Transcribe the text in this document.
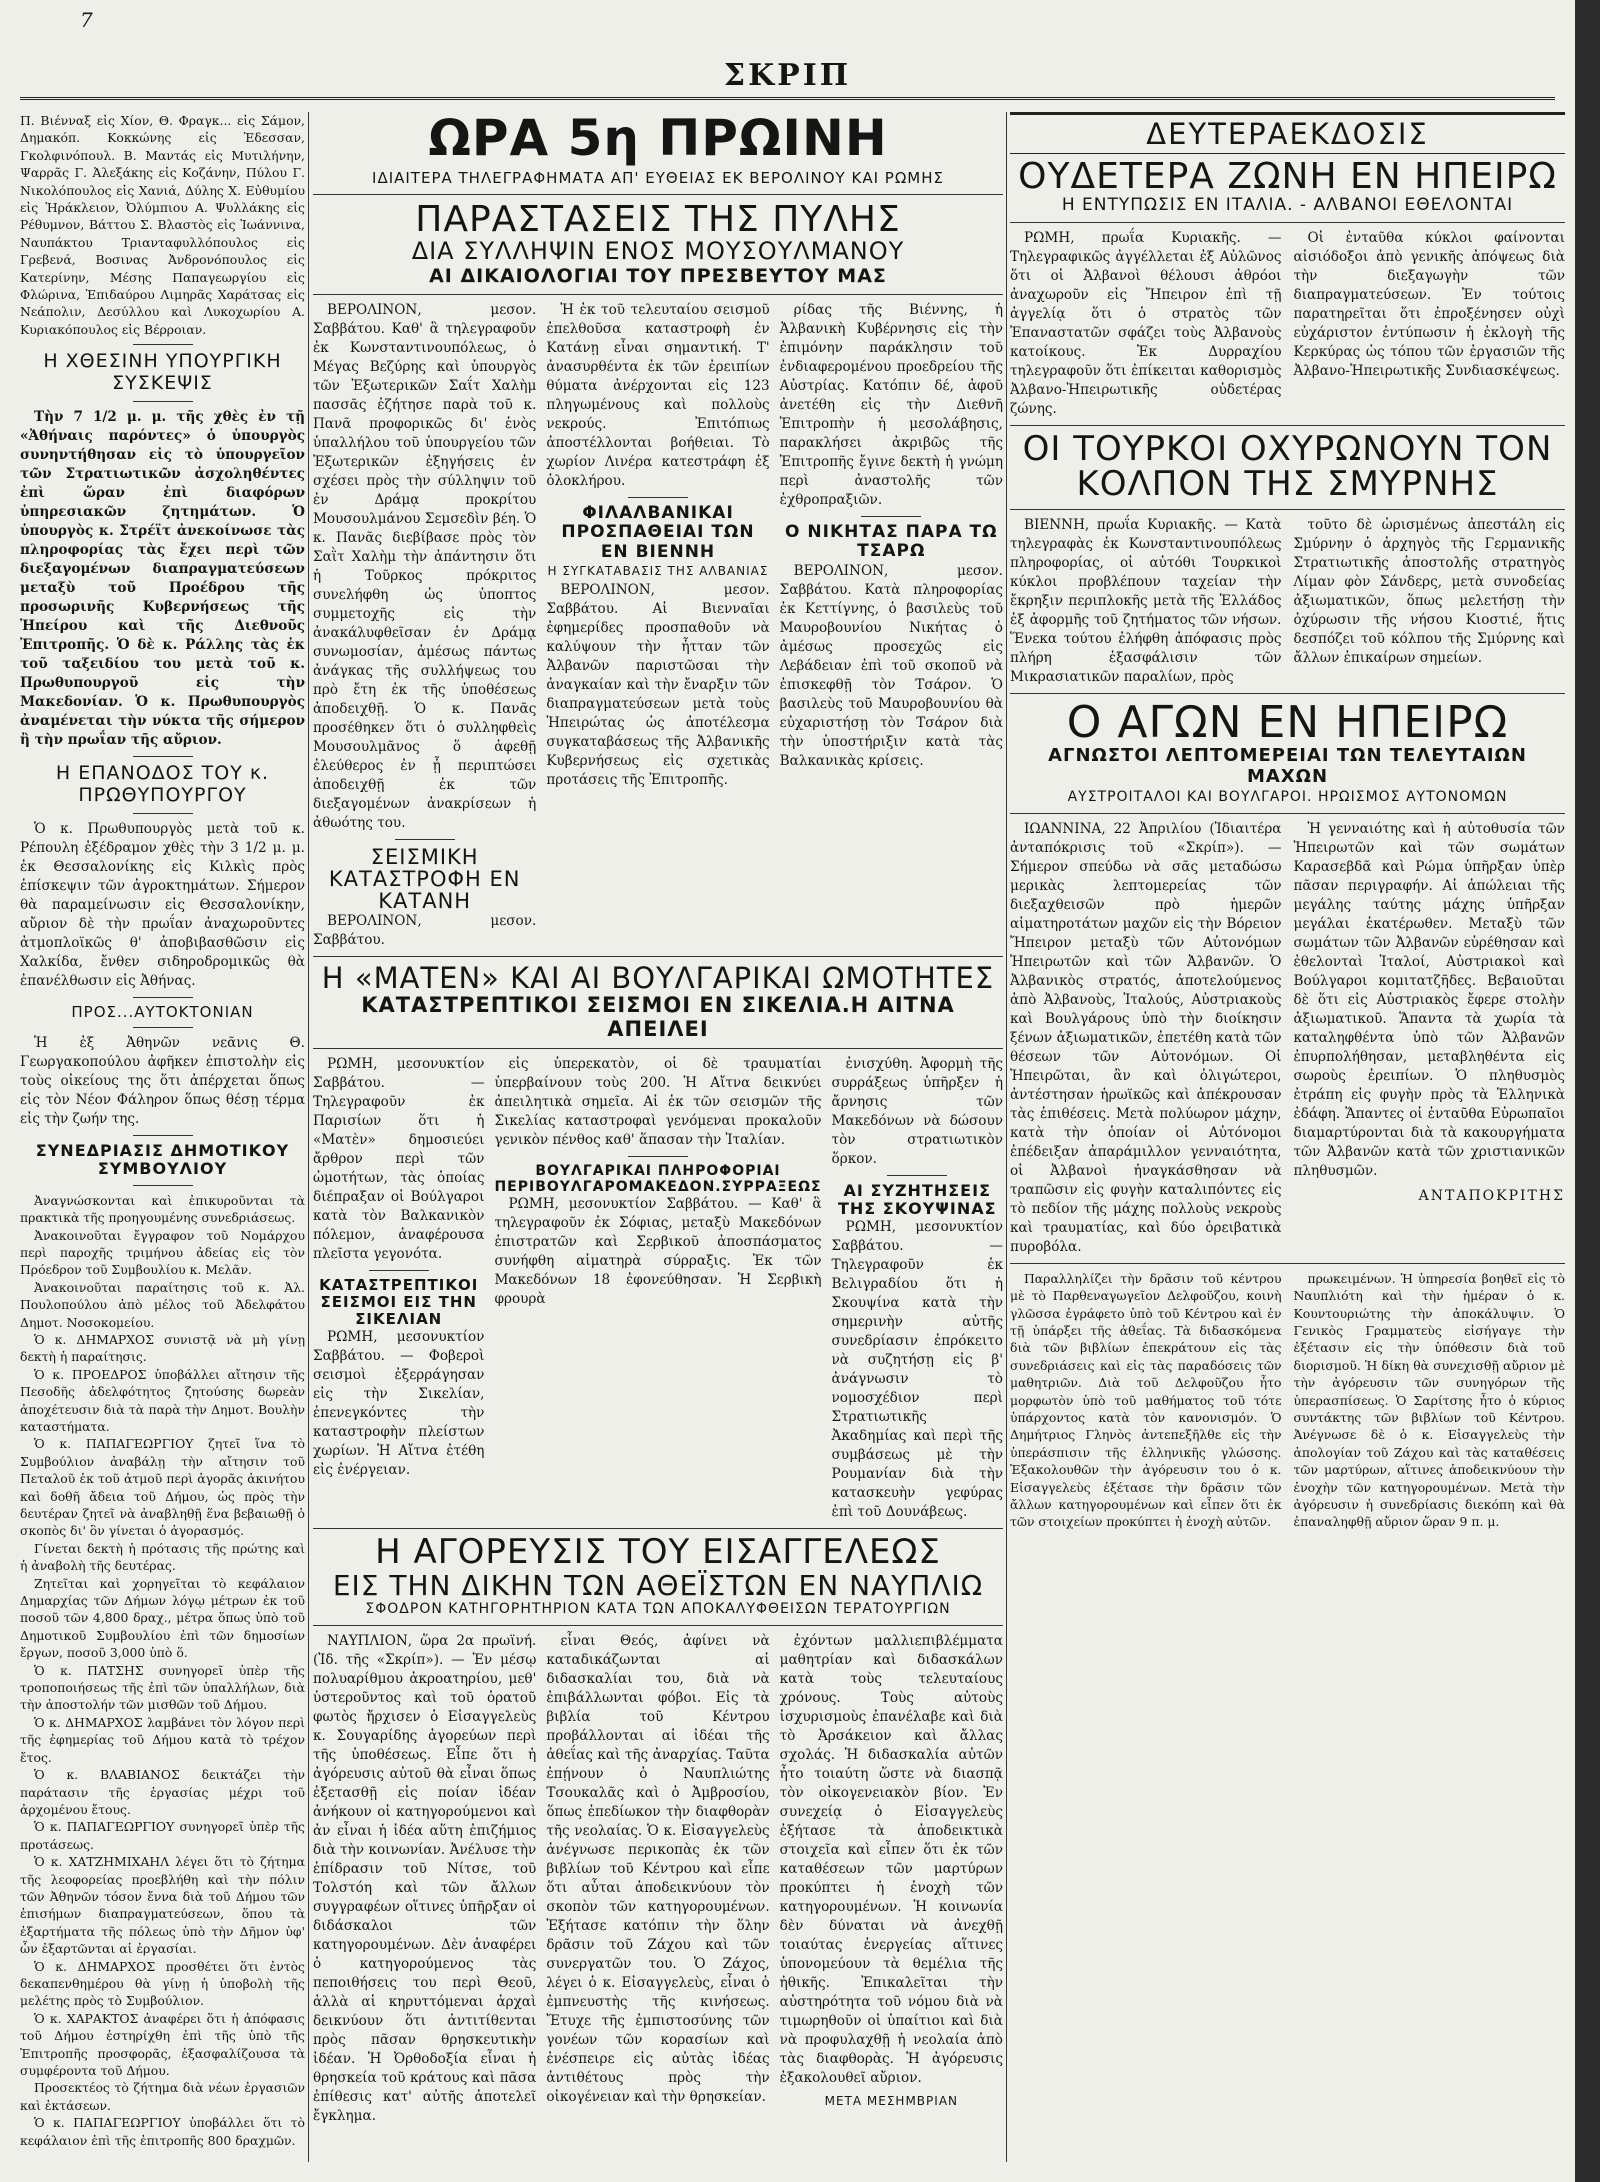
7
ΣΚΡΙΠ

Π. Βιένναξ εἰς Χίον, Θ. Φραγκ... εἰς Σάμον, Δημακόπ. Κοκκώνης εἰς Ἐδεσσαν, Γκολφινόπουλ. Β. Μαντάς εἰς Μυτιλήνην, Ψαρρᾶς Γ. Ἀλεξάκης εἰς Κοζάνην, Πύλου Γ. Νικολόπουλος εἰς Χανιά, Δύλης Χ. Εὐθυμίου εἰς Ἡράκλειον, Ὀλύμπιου Α. Ψυλλάκης εἰς Ρέθυμνον, Βάττου Σ. Βλαστὸς εἰς Ἰωάννινα, Ναυπάκτου Τριανταφυλλόπουλος εἰς Γρεβενά, Βοσινας Ἀνδρονόπουλος εἰς Κατερίνην, Μέσης Παπαγεωργίου εἰς Φλώρινα, Ἐπιδαύρου Λιμηρᾶς Χαράτσας εἰς Νεάπολιν, Δεσύλλου καὶ Λυκοχωρίου Α. Κυριακόπουλος εἰς Βέρροιαν.

Η ΧΘΕΣΙΝΗ ΥΠΟΥΡΓΙΚΗ ΣΥΣΚΕΨΙΣ

Τὴν 7 1/2 μ. μ. τῆς χθὲς ἐν τῇ «Ἀθήναις παρόντες» ὁ ὑπουργὸς συνηντήθησαν εἰς τὸ ὑπουργεῖον τῶν Στρατιωτικῶν ἀσχοληθέντες ἐπὶ ὥραν ἐπὶ διαφόρων ὑπηρεσιακῶν ζητημάτων. Ὁ ὑπουργὸς κ. Στρέϊτ ἀνεκοίνωσε τὰς πληροφορίας τὰς ἔχει περὶ τῶν διεξαγομένων διαπραγματεύσεων μεταξὺ τοῦ Προέδρου τῆς προσωρινῆς Κυβερνήσεως τῆς Ἠπείρου καὶ τῆς Διεθνοῦς Ἐπιτροπῆς. Ὁ δὲ κ. Ράλλης τὰς ἐκ τοῦ ταξειδίου του μετὰ τοῦ κ. Πρωθυπουργοῦ εἰς τὴν Μακεδονίαν. Ὁ κ. Πρωθυπουργὸς ἀναμένεται τὴν νύκτα τῆς σήμερον ἢ τὴν πρωΐαν τῆς αὔριον.

Η ΕΠΑΝΟΔΟΣ ΤΟΥ κ. ΠΡΩΘΥΠΟΥΡΓΟΥ

Ὁ κ. Πρωθυπουργὸς μετὰ τοῦ κ. Ρέπουλη ἐξέδραμον χθὲς τὴν 3 1/2 μ. μ. ἐκ Θεσσαλονίκης εἰς Κιλκὶς πρὸς ἐπίσκεψιν τῶν ἀγροκτημάτων. Σήμερον θὰ παραμείνωσιν εἰς Θεσσαλονίκην, αὔριον δὲ τὴν πρωΐαν ἀναχωροῦντες ἀτμοπλοϊκῶς θ' ἀποβιβασθῶσιν εἰς Χαλκίδα, ἔνθεν σιδηροδρομικῶς θὰ ἐπανέλθωσιν εἰς Ἀθήνας.

ΠΡΟΣ...ΑΥΤΟΚΤΟΝΙΑΝ

Ἡ ἐξ Ἀθηνῶν νεᾶνις Θ. Γεωργακοπούλου ἀφῆκεν ἐπιστολὴν εἰς τοὺς οἰκείους της ὅτι ἀπέρχεται ὅπως εἰς τὸν Νέον Φάληρον ὅπως θέσῃ τέρμα εἰς τὴν ζωήν της.

ΣΥΝΕΔΡΙΑΣΙΣ ΔΗΜΟΤΙΚΟΥ ΣΥΜΒΟΥΛΙΟΥ

Ἀναγνώσκονται καὶ ἐπικυροῦνται τὰ πρακτικὰ τῆς προηγουμένης συνεδριάσεως.

Ἀνακοινοῦται ἔγγραφον τοῦ Νομάρχου περὶ παροχῆς τριμήνου ἀδείας εἰς τὸν Πρόεδρον τοῦ Συμβουλίου κ. Μελᾶν.

Ἀνακοινοῦται παραίτησις τοῦ κ. Ἀλ. Πουλοπούλου ἀπὸ μέλος τοῦ Ἀδελφάτου Δημοτ. Νοσοκομείου.

Ὁ κ. ΔΗΜΑΡΧΟΣ συνιστᾷ νὰ μὴ γίνῃ δεκτὴ ἡ παραίτησις.

Ὁ κ. ΠΡΟΕΔΡΟΣ ὑποβάλλει αἴτησιν τῆς Πεσοδῆς ἀδελφότητος ζητούσης δωρεὰν ἀποχέτευσιν διὰ τὰ παρὰ τὴν Δημοτ. Βουλὴν καταστήματα.

Ὁ κ. ΠΑΠΑΓΕΩΡΓΙΟΥ ζητεῖ ἵνα τὸ Συμβούλιον ἀναβάλῃ τὴν αἴτησιν τοῦ Πεταλοῦ ἐκ τοῦ ἀτμοῦ περὶ ἀγορᾶς ἀκινήτου καὶ δοθῆ ἄδεια τοῦ Δήμου, ὡς πρὸς τὴν δευτέραν ζητεῖ νὰ ἀναβληθῇ ἕνα βεβαιωθῇ ὁ σκοπὸς δι' ὃν γίνεται ὁ ἀγορασμός.

Γίνεται δεκτὴ ἡ πρότασις τῆς πρώτης καὶ ἡ ἀναβολὴ τῆς δευτέρας.

Ζητεῖται καὶ χορηγεῖται τὸ κεφάλαιον Δημαρχίας τῶν Δήμων λόγῳ μέτρων ἐκ τοῦ ποσοῦ τῶν 4,800 δραχ., μέτρα ὅπως ὑπὸ τοῦ Δημοτικοῦ Συμβουλίου ἐπὶ τῶν δημοσίων ἔργων, ποσοῦ 3,000 ὑπὸ ὅ.

Ὁ κ. ΠΑΤΣΗΣ συνηγορεῖ ὑπὲρ τῆς τροποποιήσεως τῆς ἐπὶ τῶν ὑπαλλήλων, διὰ τὴν ἀποστολήν τῶν μισθῶν τοῦ Δήμου.

Ὁ κ. ΔΗΜΑΡΧΟΣ λαμβάνει τὸν λόγον περὶ τῆς ἐφημερίας τοῦ Δήμου κατὰ τὸ τρέχον ἔτος.

Ὁ κ. ΒΛΑΒΙΑΝΟΣ δεικτάζει τὴν παράτασιν τῆς ἐργασίας μέχρι τοῦ ἀρχομένου ἔτους.

Ὁ κ. ΠΑΠΑΓΕΩΡΓΙΟΥ συνηγορεῖ ὑπὲρ τῆς προτάσεως.

Ὁ κ. ΧΑΤΖΗΜΙΧΑΗΛ λέγει ὅτι τὸ ζήτημα τῆς λεοφορείας προεβλήθη καὶ τὴν πόλιν τῶν Ἀθηνῶν τόσον ἔννα διὰ τοῦ Δήμου τῶν ἐπισήμων διαπραγματεύσεων, ὅπου τὰ ἐξαρτήματα τῆς πόλεως ὑπὸ τὴν Δῆμον ὑφ' ὧν ἐξαρτῶνται αἱ ἐργασίαι.

Ὁ κ. ΔΗΜΑΡΧΟΣ προσθέτει ὅτι ἐντὸς δεκαπενθημέρου θὰ γίνῃ ἡ ὑποβολὴ τῆς μελέτης πρὸς τὸ Συμβούλιον.

Ὁ κ. ΧΑΡΑΚΤΟΣ ἀναφέρει ὅτι ἡ ἀπόφασις τοῦ Δήμου ἐστηρίχθη ἐπὶ τῆς ὑπὸ τῆς Ἐπιτροπῆς προσφορᾶς, ἐξασφαλίζουσα τὰ συμφέροντα τοῦ Δήμου.

Προσεκτέος τὸ ζήτημα διὰ νέων ἐργασιῶν καὶ ἐκτάσεων.

Ὁ κ. ΠΑΠΑΓΕΩΡΓΙΟΥ ὑποβάλλει ὅτι τὸ κεφάλαιον ἐπὶ τῆς ἐπιτροπῆς 800 δραχμῶν.

ΩΡΑ 5η ΠΡΩΙΝΗ
ΙΔΙΑΙΤΕΡΑ ΤΗΛΕΓΡΑΦΗΜΑΤΑ ΑΠ' ΕΥΘΕΙΑΣ ΕΚ ΒΕΡΟΛΙΝΟΥ ΚΑΙ ΡΩΜΗΣ
ΠΑΡΑΣΤΑΣΕΙΣ ΤΗΣ ΠΥΛΗΣ
ΔΙΑ ΣΥΛΛΗΨΙΝ ΕΝΟΣ ΜΟΥΣΟΥΛΜΑΝΟΥ
ΑΙ ΔΙΚΑΙΟΛΟΓΙΑΙ ΤΟΥ ΠΡΕΣΒΕΥΤΟΥ ΜΑΣ

ΒΕΡΟΛΙΝΟΝ, μεσον. Σαββάτου. Καθ' ἃ τηλεγραφοῦν ἐκ Κωνσταντινουπόλεως, ὁ Μέγας Βεζύρης καὶ ὑπουργὸς τῶν Ἐξωτερικῶν Σαΐτ Χαλὴμ πασσᾶς ἐζήτησε παρὰ τοῦ κ. Πανᾶ προφορικῶς δι' ἑνὸς ὑπαλλήλου τοῦ ὑπουργείου τῶν Ἐξωτερικῶν ἐξηγήσεις ἐν σχέσει πρὸς τὴν σύλληψιν τοῦ ἐν Δράμᾳ προκρίτου Μουσουλμάνου Σεμσεδὶν βέη. Ὁ κ. Πανᾶς διεβίβασε πρὸς τὸν Σαῒτ Χαλὴμ τὴν ἀπάντησιν ὅτι ἡ Τοῦρκος πρόκριτος συνελήφθη ὡς ὑποπτος συμμετοχῆς εἰς τὴν ἀνακάλυφθεῖσαν ἐν Δράμᾳ συνωμοσίαν, ἀμέσως πάντως ἀνάγκας τῆς συλλήψεως του πρὸ ἔτη ἐκ τῆς ὑποθέσεως ἀποδειχθῇ. Ὁ κ. Πανᾶς προσέθηκεν ὅτι ὁ συλληφθεὶς Μουσουλμᾶνος ὅ ἀφεθῇ ἐλεύθερος ἐν ᾗ περιπτώσει ἀποδειχθῇ ἐκ τῶν διεξαγομένων ἀνακρίσεων ἡ ἀθωότης του.

ΣΕΙΣΜΙΚΗ ΚΑΤΑΣΤΡΟΦΗ ΕΝ ΚΑΤΑΝΗ

ΒΕΡΟΛΙΝΟΝ, μεσον. Σαββάτου.

Ἡ ἐκ τοῦ τελευταίου σεισμοῦ ἐπελθοῦσα καταστροφὴ ἐν Κατάνῃ εἶναι σημαντική. Τ' ἀνασυρθέντα ἐκ τῶν ἐρειπίων θύματα ἀνέρχονται εἰς 123 πληγωμένους καὶ πολλοὺς νεκρούς. Ἐπιτόπιως ἀποστέλλονται βοήθειαι. Τὸ χωρίον Λινέρα κατεστράφη ἐξ ὁλοκλήρου.

ΦΙΛΑΛΒΑΝΙΚΑΙ ΠΡΟΣΠΑΘΕΙΑΙ ΤΩΝ ΕΝ ΒΙΕΝΝΗ
Η ΣΥΓΚΑΤΑΒΑΣΙΣ ΤΗΣ ΑΛΒΑΝΙΑΣ

ΒΕΡΟΛΙΝΟΝ, μεσον. Σαββάτου. Αἱ Βιενναῖαι ἐφημερίδες προσπαθοῦν νὰ καλύψουν τὴν ἧτταν τῶν Ἀλβανῶν παριστῶσαι τὴν ἀναγκαίαν καὶ τὴν ἔναρξιν τῶν διαπραγματεύσεων μετὰ τοὺς Ἠπειρώτας ὡς ἀποτέλεσμα συγκαταβάσεως τῆς Ἀλβανικῆς Κυβερνήσεως εἰς σχετικὰς προτάσεις τῆς Ἐπιτροπῆς.

ρίδας τῆς Βιέννης, ἡ Ἀλβανικὴ Κυβέρνησις εἰς τὴν ἐπιμόνην παράκλησιν τοῦ ἐνδιαφερομένου προεδρείου τῆς Αὐστρίας. Κατόπιν δέ, ἀφοῦ ἀνετέθη εἰς τὴν Διεθνῆ Ἐπιτροπὴν ἡ μεσολάβησις, παρακλήσει ἀκριβῶς τῆς Ἐπιτροπῆς ἔγινε δεκτὴ ἡ γνώμη περὶ ἀναστολῆς τῶν ἐχθροπραξιῶν.

Ο ΝΙΚΗΤΑΣ ΠΑΡΑ ΤΩ ΤΣΑΡΩ

ΒΕΡΟΛΙΝΟΝ, μεσον. Σαββάτου. Κατὰ πληροφορίας ἐκ Κεττίγνης, ὁ βασιλεὺς τοῦ Μαυροβουνίου Νικήτας ὁ ἀμέσως προσεχῶς εἰς Λεβάδειαν ἐπὶ τοῦ σκοποῦ νὰ ἐπισκεφθῇ τὸν Τσάρον. Ὁ βασιλεὺς τοῦ Μαυροβουνίου θὰ εὐχαριστήσῃ τὸν Τσάρον διὰ τὴν ὑποστήριξιν κατὰ τὰς Βαλκανικὰς κρίσεις.

Η «ΜΑΤΕΝ» ΚΑΙ ΑΙ ΒΟΥΛΓΑΡΙΚΑΙ ΩΜΟΤΗΤΕΣ
ΚΑΤΑΣΤΡΕΠΤΙΚΟΙ ΣΕΙΣΜΟΙ ΕΝ ΣΙΚΕΛΙΑ.Η ΑΙΤΝΑ ΑΠΕΙΛΕΙ

ΡΩΜΗ, μεσονυκτίον Σαββάτου. — Τηλεγραφοῦν ἐκ Παρισίων ὅτι ἡ «Ματὲν» δημοσιεύει ἄρθρον περὶ τῶν ὠμοτήτων, τὰς ὁποίας διέπραξαν οἱ Βούλγαροι κατὰ τὸν Βαλκανικὸν πόλεμον, ἀναφέρουσα πλεῖστα γεγονότα.

ΚΑΤΑΣΤΡΕΠΤΙΚΟΙ ΣΕΙΣΜΟΙ ΕΙΣ ΤΗΝ ΣΙΚΕΛΙΑΝ

ΡΩΜΗ, μεσονυκτίον Σαββάτου. — Φοβεροὶ σεισμοὶ ἐξερράγησαν εἰς τὴν Σικελίαν, ἐπενεγκόντες τὴν καταστροφὴν πλείστων χωρίων. Ἡ Αἴτνα ἐτέθη εἰς ἐνέργειαν.

εἰς ὑπερεκατὸν, οἱ δὲ τραυματίαι ὑπερβαίνουν τοὺς 200. Ἡ Αἴτνα δεικνύει ἀπειλητικὰ σημεῖα. Αἱ ἐκ τῶν σεισμῶν τῆς Σικελίας καταστροφαὶ γενόμεναι προκαλοῦν γενικὸν πένθος καθ' ἅπασαν τὴν Ἰταλίαν.

ΒΟΥΛΓΑΡΙΚΑΙ ΠΛΗΡΟΦΟΡΙΑΙ ΠΕΡΙΒΟΥΛΓΑΡΟΜΑΚΕΔΟΝ.ΣΥΡΡΑΞΕΩΣ

ΡΩΜΗ, μεσονυκτίον Σαββάτου. — Καθ' ἃ τηλεγραφοῦν ἐκ Σόφιας, μεταξὺ Μακεδόνων ἐπιστρατῶν καὶ Σερβικοῦ ἀποσπάσματος συνήφθη αἱματηρὰ σύρραξις. Ἐκ τῶν Μακεδόνων 18 ἐφονεύθησαν. Ἡ Σερβικὴ φρουρὰ

ἐνισχύθη. Ἀφορμὴ τῆς συρράξεως ὑπῆρξεν ἡ ἄρνησις τῶν Μακεδόνων νὰ δώσουν τὸν στρατιωτικὸν ὅρκον.

ΑΙ ΣΥΖΗΤΗΣΕΙΣ ΤΗΣ ΣΚΟΥΨΙΝΑΣ

ΡΩΜΗ, μεσονυκτίον Σαββάτου. — Τηλεγραφοῦν ἐκ Βελιγραδίου ὅτι ἡ Σκουψίνα κατὰ τὴν σημερινὴν αὐτῆς συνεδρίασιν ἐπρόκειτο νὰ συζητήσῃ εἰς β' ἀνάγνωσιν τὸ νομοσχέδιον περὶ Στρατιωτικῆς Ἀκαδημίας καὶ περὶ τῆς συμβάσεως μὲ τὴν Ρουμανίαν διὰ τὴν κατασκευὴν γεφύρας ἐπὶ τοῦ Δουνάβεως.

Η ΑΓΟΡΕΥΣΙΣ ΤΟΥ ΕΙΣΑΓΓΕΛΕΩΣ
ΕΙΣ ΤΗΝ ΔΙΚΗΝ ΤΩΝ ΑΘΕΪΣΤΩΝ ΕΝ ΝΑΥΠΛΙΩ
ΣΦΟΔΡΟΝ ΚΑΤΗΓΟΡΗΤΗΡΙΟΝ ΚΑΤΑ ΤΩΝ ΑΠΟΚΑΛΥΦΘΕΙΣΩΝ ΤΕΡΑΤΟΥΡΓΙΩΝ

ΝΑΥΠΛΙΟΝ, ὥρα 2α πρωϊνή. (Ἰδ. τῆς «Σκρίπ»). — Ἐν μέσῳ πολυαρίθμου ἀκροατηρίου, μεθ' ὑστεροῦντος καὶ τοῦ ὁρατοῦ φωτὸς ἤρχισεν ὁ Εἰσαγγελεὺς κ. Σουγαρίδης ἀγορεύων περὶ τῆς ὑποθέσεως. Εἶπε ὅτι ἡ ἀγόρευσις αὐτοῦ θὰ εἶναι ὅπως ἐξετασθῇ εἰς ποίαν ἰδέαν ἀνήκουν οἱ κατηγορούμενοι καὶ ἀν εἶναι ἡ ἰδέα αὕτη ἐπιζήμιος διὰ τὴν κοινωνίαν. Ἀνέλυσε τὴν ἐπίδρασιν τοῦ Νίτσε, τοῦ Τολστόη καὶ τῶν ἄλλων συγγραφέων οἵτινες ὑπῆρξαν οἱ διδάσκαλοι τῶν κατηγορουμένων. Δὲν ἀναφέρει ὁ κατηγορούμενος τὰς πεποιθήσεις του περὶ Θεοῦ, ἀλλὰ αἱ κηρυττόμεναι ἀρχαὶ δεικνύουν ὅτι ἀντιτίθενται πρὸς πᾶσαν θρησκευτικὴν ἰδέαν. Ἡ Ὀρθοδοξία εἶναι ἡ θρησκεία τοῦ κράτους καὶ πᾶσα ἐπίθεσις κατ' αὐτῆς ἀποτελεῖ ἔγκλημα.

εἶναι Θεός, ἀφίνει νὰ καταδικάζωνται αἱ διδασκαλίαι του, διὰ νὰ ἐπιβάλλωνται φόβοι. Εἰς τὰ βιβλία τοῦ Κέντρου προβάλλονται αἱ ἰδέαι τῆς ἀθεΐας καὶ τῆς ἀναρχίας. Ταῦτα ἐπῄνουν ὁ Ναυπλιώτης Τσουκαλᾶς καὶ ὁ Ἀμβροσίου, ὅπως ἐπεδίωκον τὴν διαφθορὰν τῆς νεολαίας. Ὁ κ. Εἰσαγγελεὺς ἀνέγνωσε περικοπὰς ἐκ τῶν βιβλίων τοῦ Κέντρου καὶ εἶπε ὅτι αὗται ἀποδεικνύουν τὸν σκοπὸν τῶν κατηγορουμένων. Ἐξήτασε κατόπιν τὴν ὅλην δρᾶσιν τοῦ Ζάχου καὶ τῶν συνεργατῶν του. Ὁ Ζάχος, λέγει ὁ κ. Εἰσαγγελεὺς, εἶναι ὁ ἐμπνευστὴς τῆς κινήσεως. Ἔτυχε τῆς ἐμπιστοσύνης τῶν γονέων τῶν κορασίων καὶ ἐνέσπειρε εἰς αὐτὰς ἰδέας ἀντιθέτους πρὸς τὴν οἰκογένειαν καὶ τὴν θρησκείαν.

ἐχόντων μαλλιεπιβλέμματα μαθητρίαν καὶ διδασκάλων κατὰ τοὺς τελευταίους χρόνους. Τοὺς αὐτοὺς ἰσχυρισμοὺς ἐπανέλαβε καὶ διὰ τὸ Ἀρσάκειον καὶ ἄλλας σχολάς. Ἡ διδασκαλία αὐτῶν ἦτο τοιαύτη ὥστε νὰ διασπᾷ τὸν οἰκογενειακὸν βίον. Ἐν συνεχείᾳ ὁ Εἰσαγγελεὺς ἐξήτασε τὰ ἀποδεικτικὰ στοιχεῖα καὶ εἶπεν ὅτι ἐκ τῶν καταθέσεων τῶν μαρτύρων προκύπτει ἡ ἐνοχὴ τῶν κατηγορουμένων. Ἡ κοινωνία δὲν δύναται νὰ ἀνεχθῇ τοιαύτας ἐνεργείας αἵτινες ὑπονομεύουν τὰ θεμέλια τῆς ἠθικῆς. Ἐπικαλεῖται τὴν αὐστηρότητα τοῦ νόμου διὰ νὰ τιμωρηθοῦν οἱ ὑπαίτιοι καὶ διὰ νὰ προφυλαχθῇ ἡ νεολαία ἀπὸ τὰς διαφθορὰς. Ἡ ἀγόρευσις ἐξακολουθεῖ αὔριον.

ΜΕΤΑ ΜΕΣΗΜΒΡΙΑΝ
ΔΕΥΤΕΡΑΕΚΔΟΣΙΣ
ΟΥΔΕΤΕΡΑ ΖΩΝΗ ΕΝ ΗΠΕΙΡΩ
Η ΕΝΤΥΠΩΣΙΣ ΕΝ ΙΤΑΛΙΑ. - ΑΛΒΑΝΟΙ ΕΘΕΛΟΝΤΑΙ

ΡΩΜΗ, πρωΐα Κυριακῆς. — Τηλεγραφικῶς ἀγγέλλεται ἐξ Αὐλῶνος ὅτι οἱ Ἀλβανοὶ θέλουσι ἀθρόοι ἀναχωροῦν εἰς Ἤπειρον ἐπὶ τῇ ἀγγελίᾳ ὅτι ὁ στρατὸς τῶν Ἐπαναστατῶν σφάζει τοὺς Ἀλβανοὺς κατοίκους. Ἐκ Δυρραχίου τηλεγραφοῦν ὅτι ἐπίκειται καθορισμὸς Ἀλβανο-Ἠπειρωτικῆς οὐδετέρας ζώνης.

Οἱ ἐνταῦθα κύκλοι φαίνονται αἰσιόδοξοι ἀπὸ γενικῆς ἀπόψεως διὰ τὴν διεξαγωγὴν τῶν διαπραγματεύσεων. Ἐν τούτοις παρατηρεῖται ὅτι ἐπροξένησεν οὐχὶ εὐχάριστον ἐντύπωσιν ἡ ἐκλογὴ τῆς Κερκύρας ὡς τόπου τῶν ἐργασιῶν τῆς Ἀλβανο-Ἠπειρωτικῆς Συνδιασκέψεως.

ΟΙ ΤΟΥΡΚΟΙ ΟΧΥΡΩΝΟΥΝ ΤΟΝ ΚΟΛΠΟΝ ΤΗΣ ΣΜΥΡΝΗΣ

ΒΙΕΝΝΗ, πρωΐα Κυριακῆς. — Κατὰ τηλεγραφὰς ἐκ Κωνσταντινουπόλεως πληροφορίας, οἱ αὐτόθι Τουρκικοὶ κύκλοι προβλέπουν ταχείαν τὴν ἔκρηξιν περιπλοκῆς μετὰ τῆς Ἑλλάδος ἐξ ἀφορμῆς τοῦ ζητήματος τῶν νήσων. Ἕνεκα τούτου ἐλήφθη ἀπόφασις πρὸς πλήρη ἐξασφάλισιν τῶν Μικρασιατικῶν παραλίων, πρὸς

τοῦτο δὲ ὡρισμένως ἀπεστάλη εἰς Σμύρνην ὁ ἀρχηγὸς τῆς Γερμανικῆς Στρατιωτικῆς ἀποστολῆς στρατηγὸς Λίμαν φὸν Σάνδερς, μετὰ συνοδείας ἀξιωματικῶν, ὅπως μελετήσῃ τὴν ὀχύρωσιν τῆς νήσου Κιοστιέ, ἥτις δεσπόζει τοῦ κόλπου τῆς Σμύρνης καὶ ἄλλων ἐπικαίρων σημείων.

Ο ΑΓΩΝ ΕΝ ΗΠΕΙΡΩ
ΑΓΝΩΣΤΟΙ ΛΕΠΤΟΜΕΡΕΙΑΙ ΤΩΝ ΤΕΛΕΥΤΑΙΩΝ ΜΑΧΩΝ
ΑΥΣΤΡΟΙΤΑΛΟΙ ΚΑΙ ΒΟΥΛΓΑΡΟΙ. ΗΡΩΙΣΜΟΣ ΑΥΤΟΝΟΜΩΝ

ΙΩΑΝΝΙΝΑ, 22 Ἀπριλίου (Ἰδιαιτέρα ἀνταπόκρισις τοῦ «Σκρίπ»). — Σήμερον σπεύδω νὰ σᾶς μεταδώσω μερικὰς λεπτομερείας τῶν διεξαχθεισῶν πρὸ ἡμερῶν αἱματηροτάτων μαχῶν εἰς τὴν Βόρειον Ἤπειρον μεταξὺ τῶν Αὐτονόμων Ἠπειρωτῶν καὶ τῶν Ἀλβανῶν. Ὁ Ἀλβανικὸς στρατός, ἀποτελούμενος ἀπὸ Ἀλβανοὺς, Ἰταλούς, Αὐστριακοὺς καὶ Βουλγάρους ὑπὸ τὴν διοίκησιν ξένων ἀξιωματικῶν, ἐπετέθη κατὰ τῶν θέσεων τῶν Αὐτονόμων. Οἱ Ἠπειρῶται, ἂν καὶ ὀλιγώτεροι, ἀντέστησαν ἡρωϊκῶς καὶ ἀπέκρουσαν τὰς ἐπιθέσεις. Μετὰ πολύωρον μάχην, κατὰ τὴν ὁποίαν οἱ Αὐτόνομοι ἐπέδειξαν ἀπαράμιλλον γενναιότητα, οἱ Ἀλβανοὶ ἠναγκάσθησαν νὰ τραπῶσιν εἰς φυγὴν καταλιπόντες εἰς τὸ πεδίον τῆς μάχης πολλοὺς νεκροὺς καὶ τραυματίας, καὶ δύο ὀρειβατικὰ πυροβόλα.

Ἡ γενναιότης καὶ ἡ αὐτοθυσία τῶν Ἠπειρωτῶν καὶ τῶν σωμάτων Καρασεβδᾶ καὶ Ρώμα ὑπῆρξαν ὑπὲρ πᾶσαν περιγραφήν. Αἱ ἀπώλειαι τῆς μεγάλης ταύτης μάχης ὑπῆρξαν μεγάλαι ἑκατέρωθεν. Μεταξὺ τῶν σωμάτων τῶν Ἀλβανῶν εὑρέθησαν καὶ ἐθελονταὶ Ἰταλοί, Αὐστριακοὶ καὶ Βούλγαροι κομιτατζῆδες. Βεβαιοῦται δὲ ὅτι εἰς Αὐστριακὸς ἔφερε στολὴν ἀξιωματικοῦ. Ἅπαντα τὰ χωρία τὰ καταληφθέντα ὑπὸ τῶν Ἀλβανῶν ἐπυρπολήθησαν, μεταβληθέντα εἰς σωροὺς ἐρειπίων. Ὁ πληθυσμὸς ἐτράπη εἰς φυγὴν πρὸς τὰ Ἑλληνικὰ ἐδάφη. Ἅπαντες οἱ ἐνταῦθα Εὐρωπαῖοι διαμαρτύρονται διὰ τὰ κακουργήματα τῶν Ἀλβανῶν κατὰ τῶν χριστιανικῶν πληθυσμῶν.

ΑΝΤΑΠΟΚΡΙΤΗΣ

Παραλληλίζει τὴν δρᾶσιν τοῦ κέντρου μὲ τὸ Παρθεναγωγεῖον Δελφοῦζου, κοινὴ γλῶσσα ἐγράφετο ὑπὸ τοῦ Κέντρου καὶ ἐν τῇ ὑπάρξει τῆς ἀθεΐας. Τὰ διδασκόμενα διὰ τῶν βιβλίων ἐπεκράτουν εἰς τὰς συνεδριάσεις καὶ εἰς τὰς παραδόσεις τῶν μαθητριῶν. Διὰ τοῦ Δελφοῦζου ἦτο μορφωτὸν ὑπὸ τοῦ μαθήματος τοῦ τότε ὑπάρχοντος κατὰ τὸν κανονισμόν. Ὁ Δημήτριος Γληνὸς ἀντεπεξῆλθε εἰς τὴν ὑπεράσπισιν τῆς ἑλληνικῆς γλώσσης. Ἐξακολουθῶν τὴν ἀγόρευσιν του ὁ κ. Εἰσαγγελεὺς ἐξέτασε τὴν δρᾶσιν τῶν ἄλλων κατηγορουμένων καὶ εἶπεν ὅτι ἐκ τῶν στοιχείων προκύπτει ἡ ἐνοχὴ αὐτῶν.

πρωκειμένων. Ἡ ὑπηρεσία βοηθεῖ εἰς τὸ Ναυπλιότη καὶ τὴν ἡμέραν ὁ κ. Κουντουριώτης τὴν ἀποκάλυψιν. Ὁ Γενικὸς Γραμματεὺς εἰσήγαγε τὴν ἐξέτασιν εἰς τὴν ὑπόθεσιν διὰ τοῦ διορισμοῦ. Ἡ δίκη θὰ συνεχισθῇ αὔριον μὲ τὴν ἀγόρευσιν τῶν συνηγόρων τῆς ὑπερασπίσεως. Ὁ Σαρίτσης ἦτο ὁ κύριος συντάκτης τῶν βιβλίων τοῦ Κέντρου. Ἀνέγνωσε δὲ ὁ κ. Εἰσαγγελεὺς τὴν ἀπολογίαν τοῦ Ζάχου καὶ τὰς καταθέσεις τῶν μαρτύρων, αἵτινες ἀποδεικνύουν τὴν ἐνοχὴν τῶν κατηγορουμένων. Μετὰ τὴν ἀγόρευσιν ἡ συνεδρίασις διεκόπη καὶ θὰ ἐπαναληφθῇ αὔριον ὥραν 9 π. μ.
